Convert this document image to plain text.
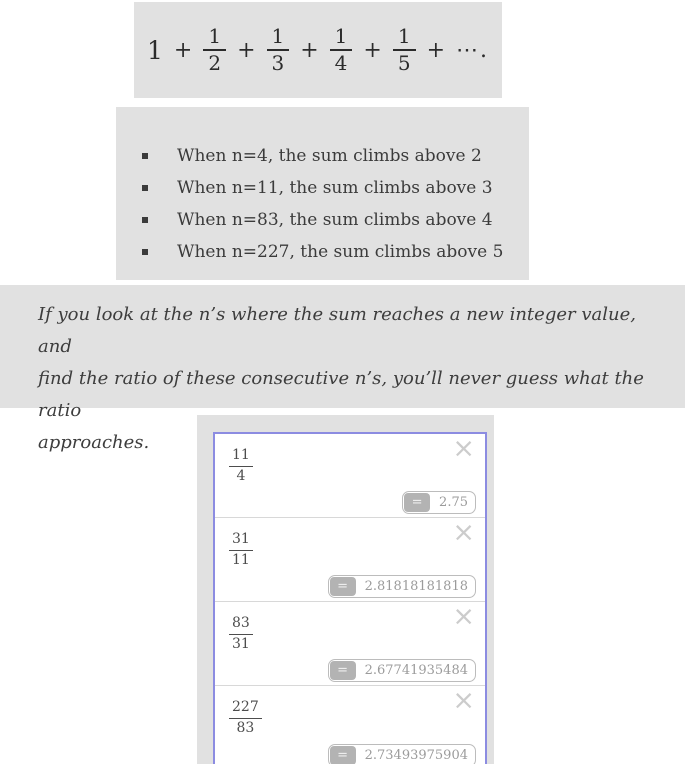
$1 + \frac{1}{2} + \frac{1}{3} + \frac{1}{4} + \frac{1}{5}$ + ⋯.
When n=4, the sum climbs above 2
When n=11, the sum climbs above 3
When n=83, the sum climbs above 4
When n=227, the sum climbs above 5
If you look at the n’s where the sum reaches a new integer value, and
find the ratio of these consecutive n’s, you’ll never guess what the ratio
approaches.
$\frac{11}{4}$	×
=	2.75
$\frac{31}{11}$	×
=	2.81818181818
$\frac{83}{31}$	×
=	2.67741935484
$\frac{227}{83}$	×
=	2.73493975904
